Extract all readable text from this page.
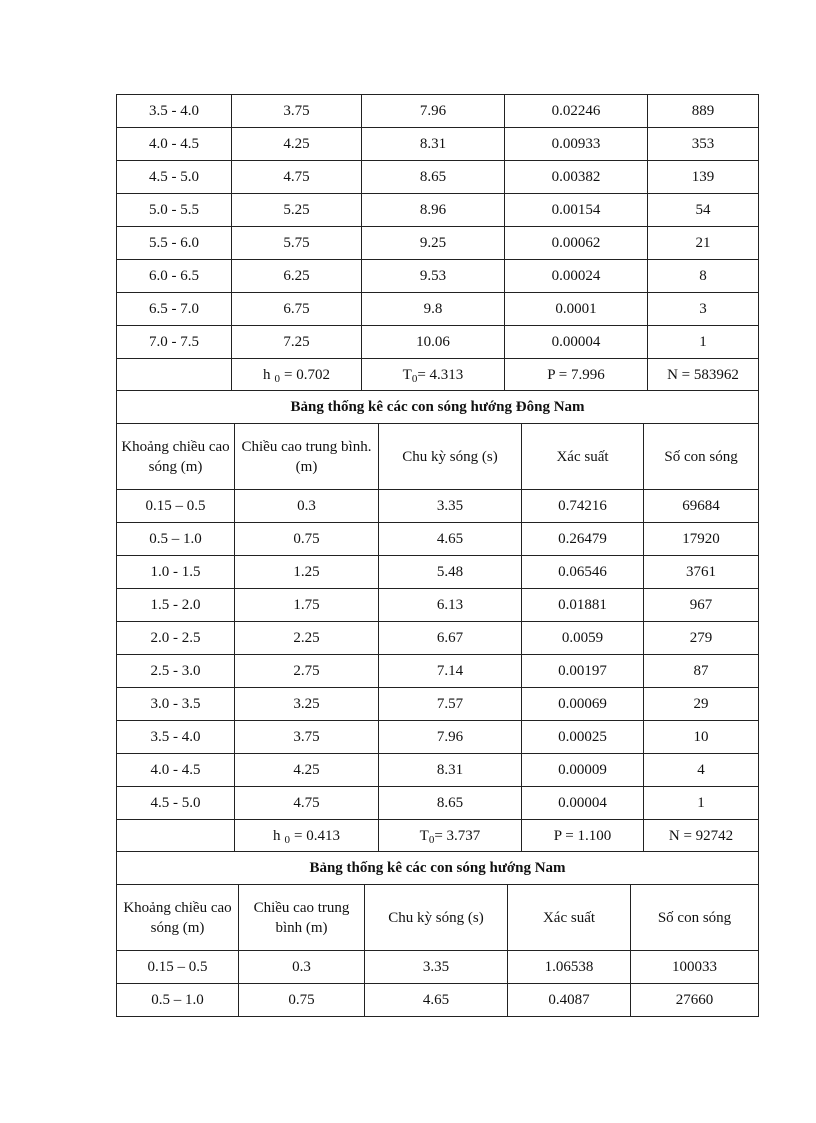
3.5 - 4.0	3.75	7.96	0.02246	889
4.0 - 4.5	4.25	8.31	0.00933	353
4.5 - 5.0	4.75	8.65	0.00382	139
5.0 - 5.5	5.25	8.96	0.00154	54
5.5 - 6.0	5.75	9.25	0.00062	21
6.0 - 6.5	6.25	9.53	0.00024	8
6.5 - 7.0	6.75	9.8	0.0001	3
7.0 - 7.5	7.25	10.06	0.00004	1
	h $_0$ = 0.702	$T_0= 4.313$	P = 7.996	N = 583962
Bảng thống kê các con sóng hướng Đông Nam				
Khoảng chiều cao sóng (m)	Chiều cao trung bình. (m)	Chu kỳ sóng (s)	Xác suất	Số con sóng
0.15 – 0.5	0.3	3.35	0.74216	69684
0.5 – 1.0	0.75	4.65	0.26479	17920
1.0 - 1.5	1.25	5.48	0.06546	3761
1.5 - 2.0	1.75	6.13	0.01881	967
2.0 - 2.5	2.25	6.67	0.0059	279
2.5 - 3.0	2.75	7.14	0.00197	87
3.0 - 3.5	3.25	7.57	0.00069	29
3.5 - 4.0	3.75	7.96	0.00025	10
4.0 - 4.5	4.25	8.31	0.00009	4
4.5 - 5.0	4.75	8.65	0.00004	1
	h $_0$ = 0.413	$T_0= 3.737$	P = 1.100	N = 92742
Bảng thống kê các con sóng hướng Nam				
Khoảng chiều cao sóng (m)	Chiều cao trung bình (m)	Chu kỳ sóng (s)	Xác suất	Số con sóng
0.15 – 0.5	0.3	3.35	1.06538	100033
0.5 – 1.0	0.75	4.65	0.4087	27660
